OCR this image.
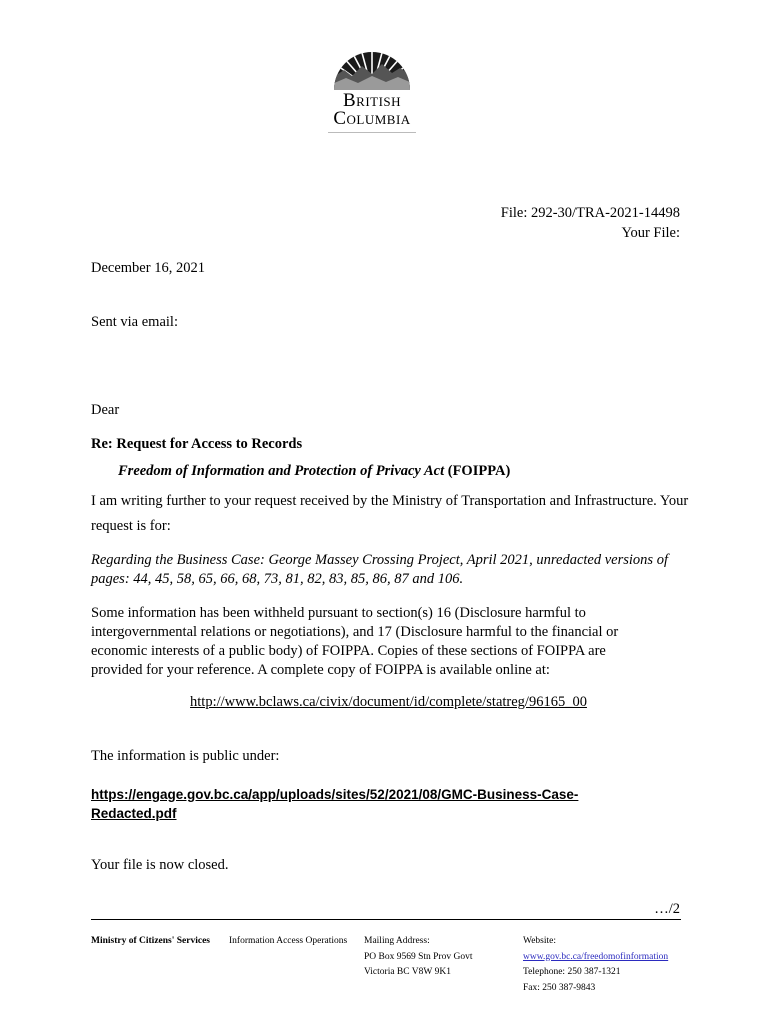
British
Columbia
File: 292-30/TRA-2021-14498
Your File:
December 16, 2021
Sent via email:
Dear
Re: Request for Access to Records
Freedom of Information and Protection of Privacy Act (FOIPPA)
I am writing further to your request received by the Ministry of Transportation and Infrastructure. Your request is for:
Regarding the Business Case: George Massey Crossing Project, April 2021, unredacted versions of pages: 44, 45, 58, 65, 66, 68, 73, 81, 82, 83, 85, 86, 87 and 106.
Some information has been withheld pursuant to section(s) 16 (Disclosure harmful to intergovernmental relations or negotiations), and 17 (Disclosure harmful to the financial or economic interests of a public body) of FOIPPA. Copies of these sections of FOIPPA are provided for your reference. A complete copy of FOIPPA is available online at:
http://www.bclaws.ca/civix/document/id/complete/statreg/96165_00
The information is public under:
https://engage.gov.bc.ca/app/uploads/sites/52/2021/08/GMC-Business-Case-Redacted.pdf
Your file is now closed.
…/2
Ministry of Citizens' Services Information Access Operations Mailing Address:
PO Box 9569 Stn Prov Govt
Victoria BC V8W 9K1
Website:
www.gov.bc.ca/freedomofinformation
Telephone: 250 387-1321
Fax: 250 387-9843
